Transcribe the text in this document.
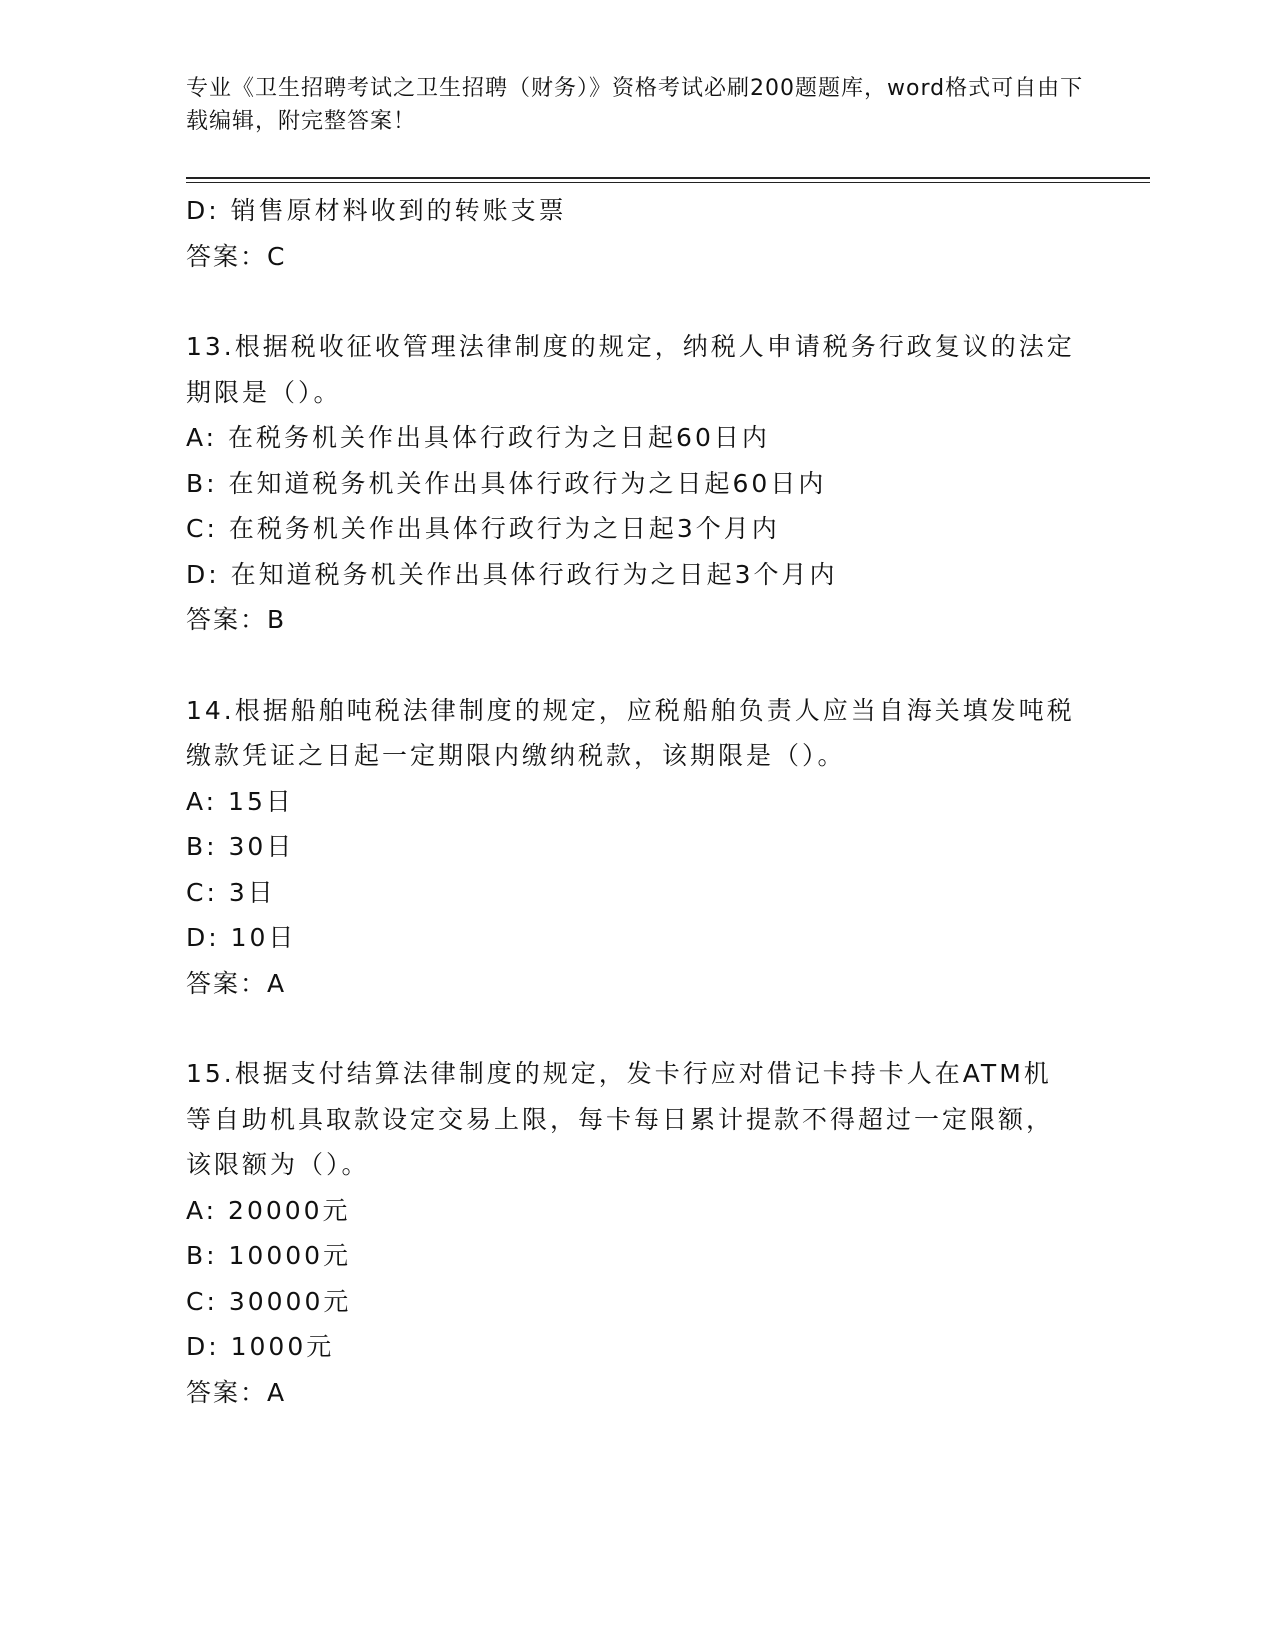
专业《卫生招聘考试之卫生招聘（财务）》资格考试必刷200题题库，word格式可自由下载编辑，附完整答案！
D: 销售原材料收到的转账支票
答案：C
13.根据税收征收管理法律制度的规定，纳税人申请税务行政复议的法定期限是（）。
A: 在税务机关作出具体行政行为之日起60日内
B: 在知道税务机关作出具体行政行为之日起60日内
C: 在税务机关作出具体行政行为之日起3个月内
D: 在知道税务机关作出具体行政行为之日起3个月内
答案：B
14.根据船舶吨税法律制度的规定，应税船舶负责人应当自海关填发吨税缴款凭证之日起一定期限内缴纳税款，该期限是（）。
A: 15日
B: 30日
C: 3日
D: 10日
答案：A
15.根据支付结算法律制度的规定，发卡行应对借记卡持卡人在ATM机等自助机具取款设定交易上限，每卡每日累计提款不得超过一定限额，该限额为（）。
A: 20000元
B: 10000元
C: 30000元
D: 1000元
答案：A
